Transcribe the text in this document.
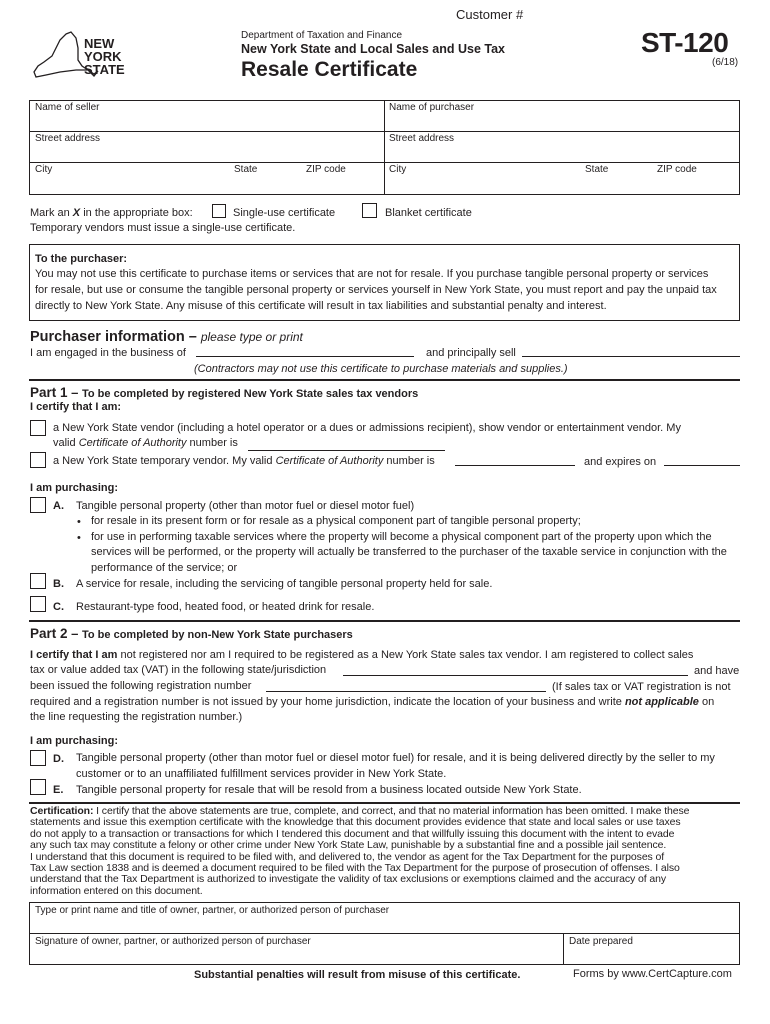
Customer #
NEW
YORK
STATE
Department of Taxation and Finance
New York State and Local Sales and Use Tax
Resale Certificate
ST-120
(6/18)
Name of seller	Name of purchaser
Street address	Street address
City	State	ZIP code	City	State	ZIP code
Mark an X in the appropriate box:	Single-use certificate	Blanket certificate
Temporary vendors must issue a single-use certificate.
To the purchaser:
You may not use this certificate to purchase items or services that are not for resale. If you purchase tangible personal property or services
for resale, but use or consume the tangible personal property or services yourself in New York State, you must report and pay the unpaid tax
directly to New York State. Any misuse of this certificate will result in tax liabilities and substantial penalty and interest.
Purchaser information – please type or print
I am engaged in the business of	and principally sell
(Contractors may not use this certificate to purchase materials and supplies.)
Part 1 – To be completed by registered New York State sales tax vendors
I certify that I am:
a New York State vendor (including a hotel operator or a dues or admissions recipient), show vendor or entertainment vendor. My
valid Certificate of Authority number is
a New York State temporary vendor. My valid Certificate of Authority number is	and expires on
I am purchasing:
A. Tangible personal property (other than motor fuel or diesel motor fuel)
• for resale in its present form or for resale as a physical component part of tangible personal property;
• for use in performing taxable services where the property will become a physical component part of the property upon which the
services will be performed, or the property will actually be transferred to the purchaser of the taxable service in conjunction with the
performance of the service; or
B. A service for resale, including the servicing of tangible personal property held for sale.
C. Restaurant-type food, heated food, or heated drink for resale.
Part 2 – To be completed by non-New York State purchasers
I certify that I am not registered nor am I required to be registered as a New York State sales tax vendor. I am registered to collect sales
tax or value added tax (VAT) in the following state/jurisdiction	and have
been issued the following registration number	(If sales tax or VAT registration is not
required and a registration number is not issued by your home jurisdiction, indicate the location of your business and write not applicable on
the line requesting the registration number.)
I am purchasing:
D. Tangible personal property (other than motor fuel or diesel motor fuel) for resale, and it is being delivered directly by the seller to my
customer or to an unaffiliated fulfillment services provider in New York State.
E. Tangible personal property for resale that will be resold from a business located outside New York State.
Certification: I certify that the above statements are true, complete, and correct, and that no material information has been omitted. I make these
statements and issue this exemption certificate with the knowledge that this document provides evidence that state and local sales or use taxes
do not apply to a transaction or transactions for which I tendered this document and that willfully issuing this document with the intent to evade
any such tax may constitute a felony or other crime under New York State Law, punishable by a substantial fine and a possible jail sentence.
I understand that this document is required to be filed with, and delivered to, the vendor as agent for the Tax Department for the purposes of
Tax Law section 1838 and is deemed a document required to be filed with the Tax Department for the purpose of prosecution of offenses. I also
understand that the Tax Department is authorized to investigate the validity of tax exclusions or exemptions claimed and the accuracy of any
information entered on this document.
Type or print name and title of owner, partner, or authorized person of purchaser
Signature of owner, partner, or authorized person of purchaser	Date prepared
Substantial penalties will result from misuse of this certificate.	Forms by www.CertCapture.com
